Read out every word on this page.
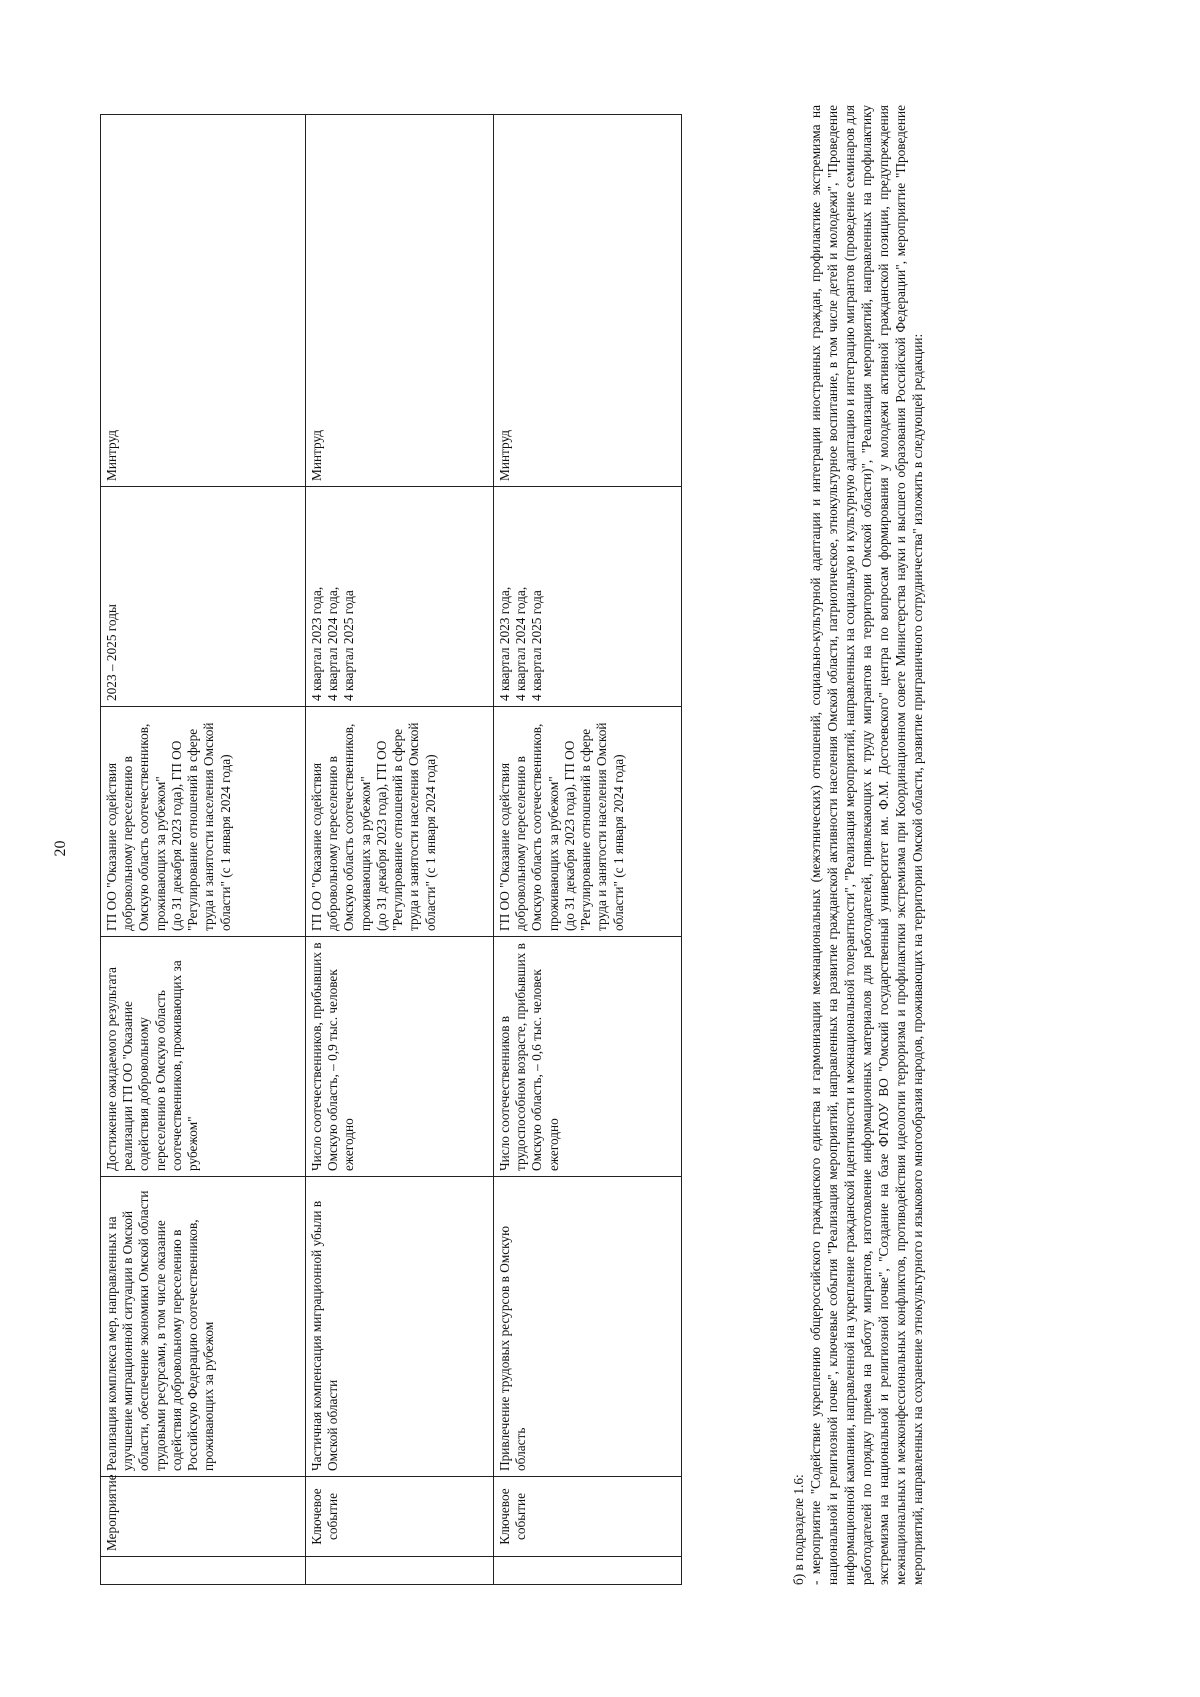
20
	Мероприятие	Реализация комплекса мер, направленных на улучшение миграционной ситуации в Омской области, обеспечение экономики Омской области трудовыми ресурсами, в том числе оказание содействия добровольному переселению в Российскую Федерацию соотечественников, проживающих за рубежом	Достижение ожидаемого результата реализации ГП ОО "Оказание содействия добровольному переселению в Омскую область соотечественников, проживающих за рубежом"	ГП ОО "Оказание содействия добровольному переселению в Омскую область соотечественников, проживающих за рубежом"
(до 31 декабря 2023 года), ГП ОО "Регулирование отношений в сфере труда и занятости населения Омской области" (с 1 января 2024 года)	2023 – 2025 годы	Минтруд
	Ключевое событие	Частичная компенсация миграционной убыли в Омской области	Число соотечественников, прибывших в Омскую область, – 0,9 тыс. человек ежегодно	ГП ОО "Оказание содействия добровольному переселению в Омскую область соотечественников, проживающих за рубежом"
(до 31 декабря 2023 года), ГП ОО "Регулирование отношений в сфере труда и занятости населения Омской области" (с 1 января 2024 года)	4 квартал 2023 года,
4 квартал 2024 года,
4 квартал 2025 года	Минтруд
	Ключевое событие	Привлечение трудовых ресурсов в Омскую область	Число соотечественников в трудоспособном возрасте, прибывших в Омскую область, – 0,6 тыс. человек ежегодно	ГП ОО "Оказание содействия добровольному переселению в Омскую область соотечественников, проживающих за рубежом"
(до 31 декабря 2023 года), ГП ОО "Регулирование отношений в сфере труда и занятости населения Омской области" (с 1 января 2024 года)	4 квартал 2023 года,
4 квартал 2024 года,
4 квартал 2025 года	Минтруд

б) в подразделе 1.6:

- мероприятие "Содействие укреплению общероссийского гражданского единства и гармонизации межнациональных (межэтнических) отношений, социально-культурной адаптации и интеграции иностранных граждан, профилактике экстремизма на национальной и религиозной почве", ключевые события "Реализация мероприятий, направленных на развитие гражданской активности населения Омской области, патриотическое, этнокультурное воспитание, в том числе детей и молодежи", "Проведение информационной кампании, направленной на укрепление гражданской идентичности и межнациональной толерантности", "Реализация мероприятий, направленных на социальную и культурную адаптацию и интеграцию мигрантов (проведение семинаров для работодателей по порядку приема на работу мигрантов, изготовление информационных материалов для работодателей, привлекающих к труду мигрантов на территории Омской области)", "Реализация мероприятий, направленных на профилактику экстремизма на национальной и религиозной почве", "Создание на базе ФГАОУ ВО "Омский государственный университет им. Ф.М. Достоевского" центра по вопросам формирования у молодежи активной гражданской позиции, предупреждения межнациональных и межконфессиональных конфликтов, противодействия идеологии терроризма и профилактики экстремизма при Координационном совете Министерства науки и высшего образования Российской Федерации", мероприятие "Проведение мероприятий, направленных на сохранение этнокультурного и языкового многообразия народов, проживающих на территории Омской области, развитие приграничного сотрудничества" изложить в следующей редакции:
